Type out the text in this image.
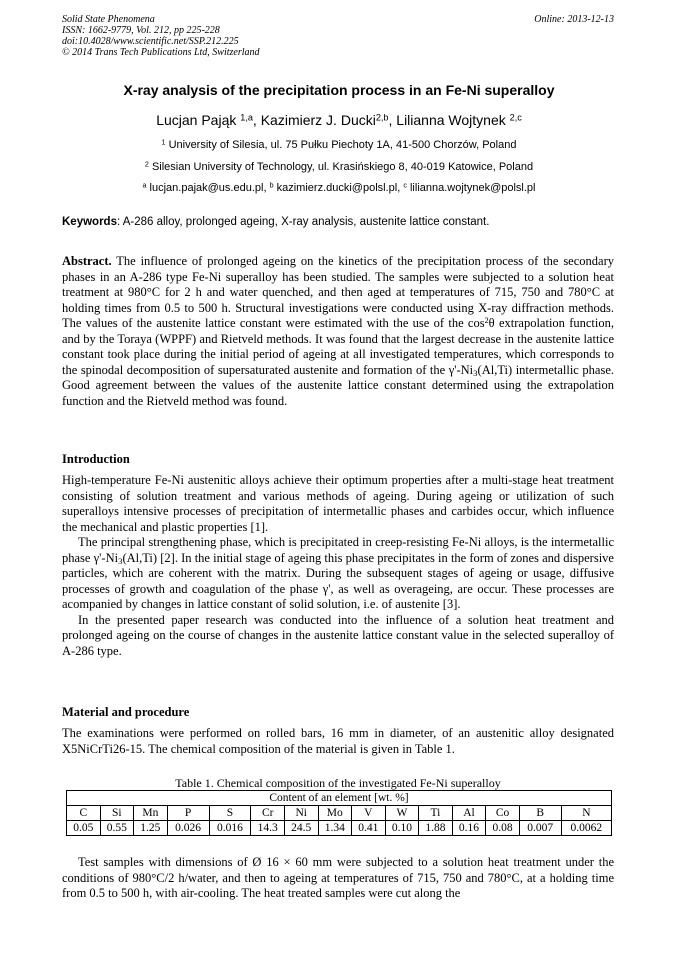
Solid State Phenomena
ISSN: 1662-9779, Vol. 212, pp 225-228
doi:10.4028/www.scientific.net/SSP.212.225
© 2014 Trans Tech Publications Ltd, Switzerland
Online: 2013-12-13
X-ray analysis of the precipitation process in an Fe-Ni superalloy
Lucjan Pająk $^{1,a}$, Kazimierz J. Ducki$^{2,b}$, Lilianna Wojtynek $^{2,c}$
$^1$ University of Silesia, ul. 75 Pułku Piechoty 1A, 41-500 Chorzów, Poland
$^2$ Silesian University of Technology, ul. Krasińskiego 8, 40-019 Katowice, Poland
$^a$ lucjan.pajak@us.edu.pl, $^b$ kazimierz.ducki@polsl.pl, $^c$ lilianna.wojtynek@polsl.pl
Keywords: A-286 alloy, prolonged ageing, X-ray analysis, austenite lattice constant.

Abstract. The influence of prolonged ageing on the kinetics of the precipitation process of the secondary phases in an A-286 type Fe-Ni superalloy has been studied. The samples were subjected to a solution heat treatment at 980°C for 2 h and water quenched, and then aged at temperatures of 715, 750 and 780°C at holding times from 0.5 to 500 h. Structural investigations were conducted using X-ray diffraction methods. The values of the austenite lattice constant were estimated with the use of the $\cos^2\theta$ extrapolation function, and by the Toraya (WPPF) and Rietveld methods. It was found that the largest decrease in the austenite lattice constant took place during the initial period of ageing at all investigated temperatures, which corresponds to the spinodal decomposition of supersaturated austenite and formation of the $\gamma'-Ni_3(Al,Ti)$ intermetallic phase. Good agreement between the values of the austenite lattice constant determined using the extrapolation function and the Rietveld method was found.

Introduction

High-temperature Fe-Ni austenitic alloys achieve their optimum properties after a multi-stage heat treatment consisting of solution treatment and various methods of ageing. During ageing or utilization of such superalloys intensive processes of precipitation of intermetallic phases and carbides occur, which influence the mechanical and plastic properties [1].

The principal strengthening phase, which is precipitated in creep-resisting Fe-Ni alloys, is the intermetallic phase $\gamma'-Ni_3(Al,Ti)$ [2]. In the initial stage of ageing this phase precipitates in the form of zones and dispersive particles, which are coherent with the matrix. During the subsequent stages of ageing or usage, diffusive processes of growth and coagulation of the phase γ', as well as overageing, are occur. These processes are acompanied by changes in lattice constant of solid solution, i.e. of austenite [3].

In the presented paper research was conducted into the influence of a solution heat treatment and prolonged ageing on the course of changes in the austenite lattice constant value in the selected superalloy of A-286 type.

Material and procedure

The examinations were performed on rolled bars, 16 mm in diameter, of an austenitic alloy designated X5NiCrTi26-15. The chemical composition of the material is given in Table 1.

Table 1. Chemical composition of the investigated Fe-Ni superalloy
Content of an element [wt. %]														
C	Si	Mn	P	S	Cr	Ni	Mo	V	W	Ti	Al	Co	B	N
0.05	0.55	1.25	0.026	0.016	14.3	24.5	1.34	0.41	0.10	1.88	0.16	0.08	0.007	0.0062

Test samples with dimensions of Ø 16 × 60 mm were subjected to a solution heat treatment under the conditions of 980°C/2 h/water, and then to ageing at temperatures of 715, 750 and 780°C, at a holding time from 0.5 to 500 h, with air-cooling. The heat treated samples were cut along the
